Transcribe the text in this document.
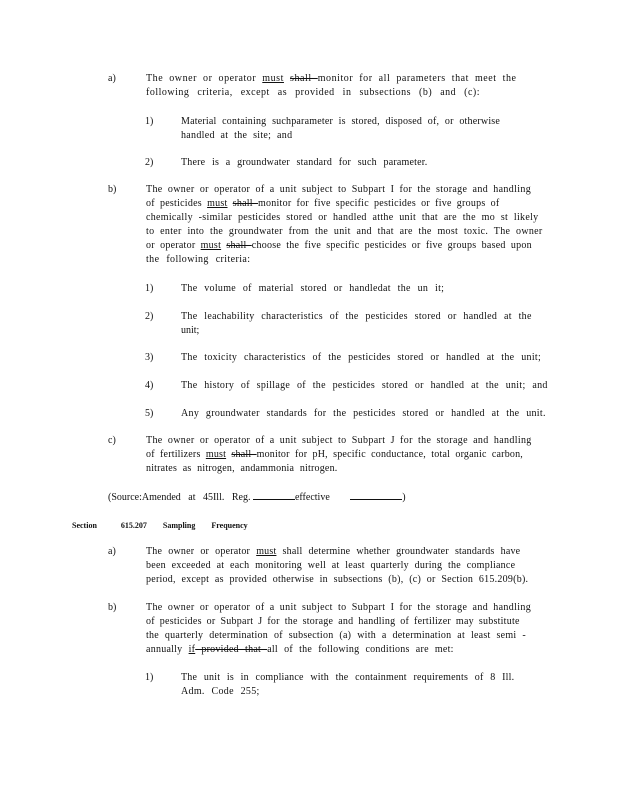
a)	The owner or operator must shall monitor for all parameters that meet the
following criteria, except as provided in subsections (b) and (c):
1)	Material containing suchparameter is stored, disposed of, or otherwise
handled at the site; and
2)	There is a groundwater standard for such parameter.
b)	The owner or operator of a unit subject to Subpart I for the storage and handling
of pesticides must shall monitor for five specific pesticides or five groups of
chemically -similar pesticides stored or handled atthe unit that are the mo st likely
to enter into the groundwater from the unit and that are the most toxic. The owner
or operator must shall choose the five specific pesticides or five groups based upon
the following criteria:
1)	The volume of material stored or handledat the un it;
2)	The leachability characteristics of the pesticides stored or handled at the
unit;
3)	The toxicity characteristics of the pesticides stored or handled at the unit;
4)	The history of spillage of the pesticides stored or handled at the unit; and
5)	Any groundwater standards for the pesticides stored or handled at the unit.
c)	The owner or operator of a unit subject to Subpart J for the storage and handling
of fertilizers must shall monitor for pH, specific conductance, total organic carbon,
nitrates as nitrogen, andammonia nitrogen.
(Source:Amended at 45Ill. Reg.	effective	)
Section 615.207 Sampling Frequency
a)	The owner or operator must shall determine whether groundwater standards have
been exceeded at each monitoring well at least quarterly during the compliance
period, except as provided otherwise in subsections (b), (c) or Section 615.209(b).
b)	The owner or operator of a unit subject to Subpart I for the storage and handling
of pesticides or Subpart J for the storage and handling of fertilizer may substitute
the quarterly determination of subsection (a) with a determination at least semi -
annually if provided that all of the following conditions are met:
1)	The unit is in compliance with the containment requirements of 8 Ill.
Adm. Code 255;
